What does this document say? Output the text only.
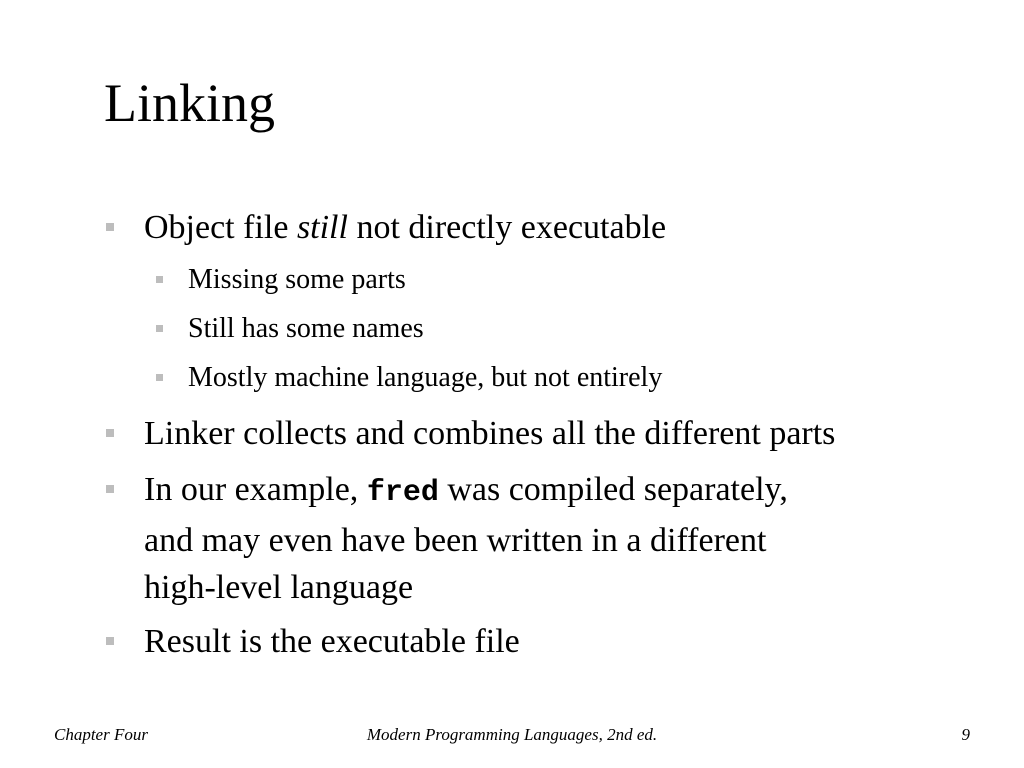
Linking
Object file still not directly executable
Missing some parts
Still has some names
Mostly machine language, but not entirely
Linker collects and combines all the different parts
In our example, fred was compiled separately,
and may even have been written in a different
high-level language
Result is the executable file
Modern Programming Languages, 2nd ed.
Chapter Four	9
